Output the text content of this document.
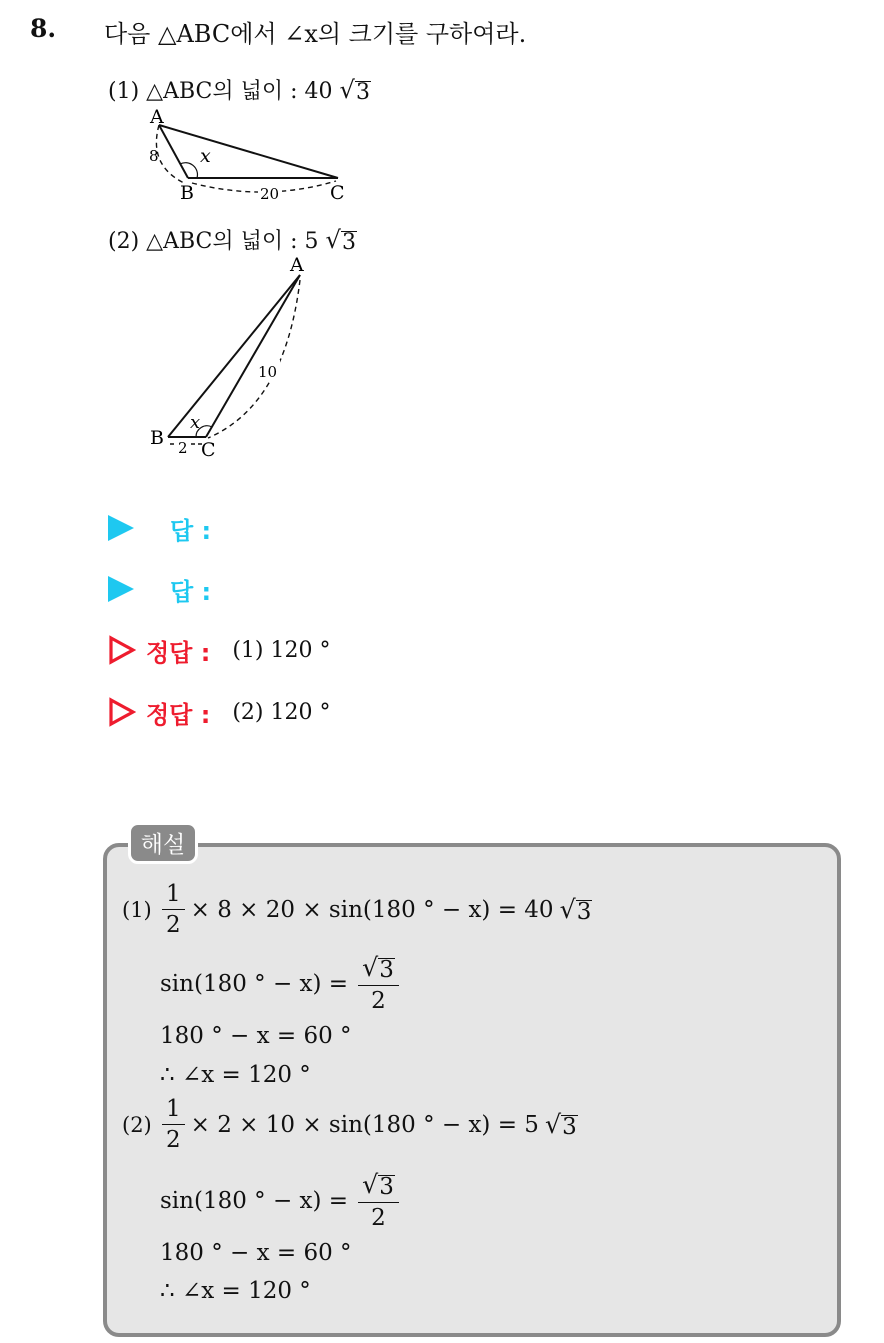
8. 다음 △ABC에서 ∠x의 크기를 구하여라.
(1) △ABC의 넓이 : 40 √ 3
A
B	C
x
8
20
(2) △ABC의 넓이 : 5 √ 3
A
B
C
x
10
2
답 :
답 :
정답 : (1) 120 °
정답 : (2) 120 °
해설
$(1) \frac{1}{2} \times 8 \times 20 \times \sin(180$ ° − x) = 40 √ 3
sin(180 ° − $x) = \frac{√ 3}{2}$
180 ° − x = 60 °
∴ ∠x = 120 °
$(2) \frac{1}{2} \times 2 \times 10 \times \sin(180$ ° − x) = 5 √ 3
sin(180 ° − $x) = \frac{√ 3}{2}$
180 ° − x = 60 °
∴ ∠x = 120 °
